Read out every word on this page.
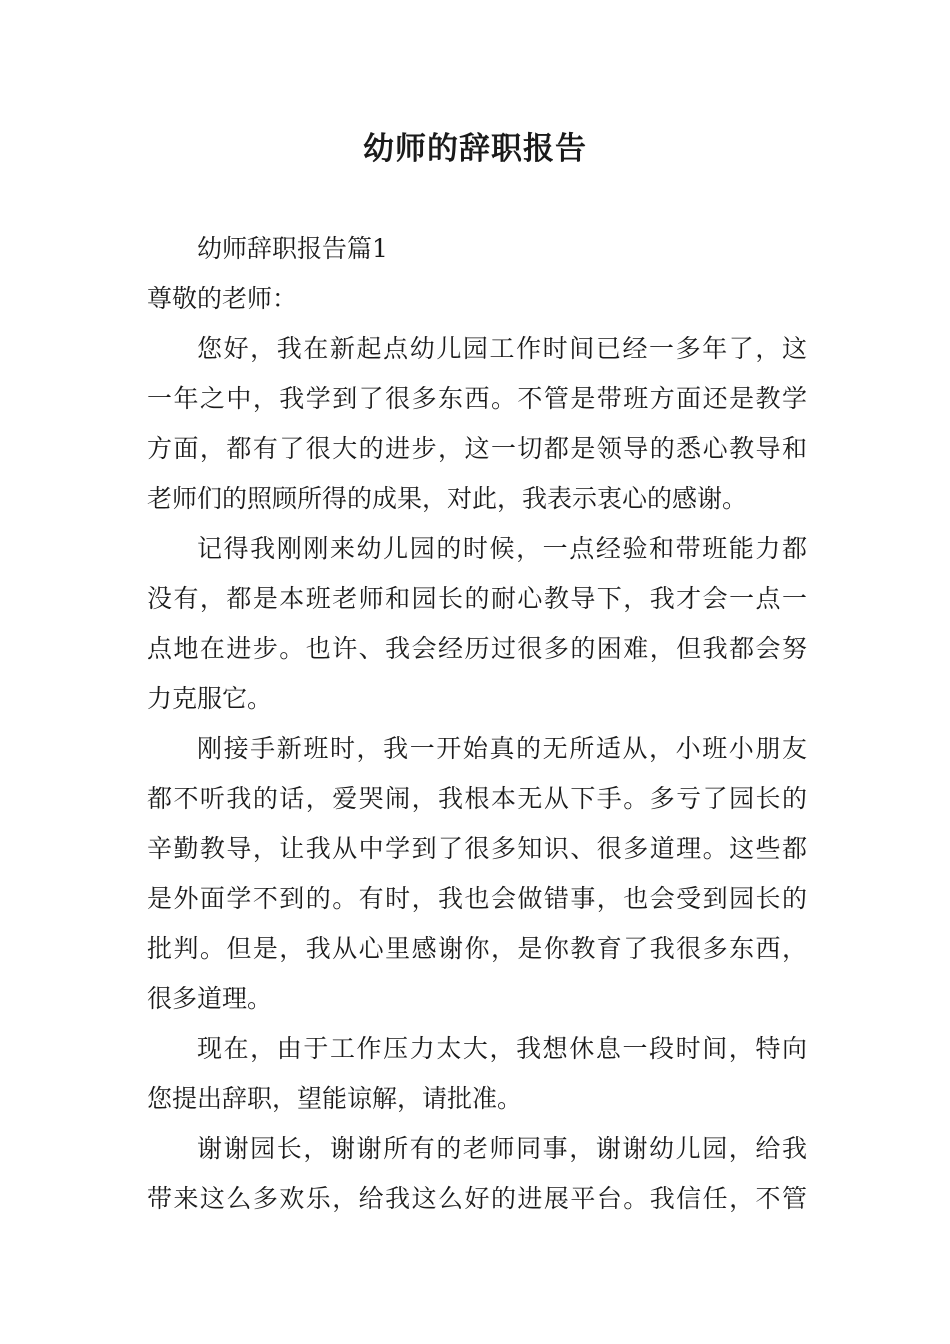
幼师的辞职报告
幼师辞职报告篇1
尊敬的老师：
您好，我在新起点幼儿园工作时间已经一多年了，这
一年之中，我学到了很多东西。不管是带班方面还是教学
方面，都有了很大的进步，这一切都是领导的悉心教导和
老师们的照顾所得的成果，对此，我表示衷心的感谢。
记得我刚刚来幼儿园的时候，一点经验和带班能力都
没有，都是本班老师和园长的耐心教导下，我才会一点一
点地在进步。也许、我会经历过很多的困难，但我都会努
力克服它。
刚接手新班时，我一开始真的无所适从，小班小朋友
都不听我的话，爱哭闹，我根本无从下手。多亏了园长的
辛勤教导，让我从中学到了很多知识、很多道理。这些都
是外面学不到的。有时，我也会做错事，也会受到园长的
批判。但是，我从心里感谢你，是你教育了我很多东西，
很多道理。
现在，由于工作压力太大，我想休息一段时间，特向
您提出辞职，望能谅解，请批准。
谢谢园长，谢谢所有的老师同事，谢谢幼儿园，给我
带来这么多欢乐，给我这么好的进展平台。我信任，不管
